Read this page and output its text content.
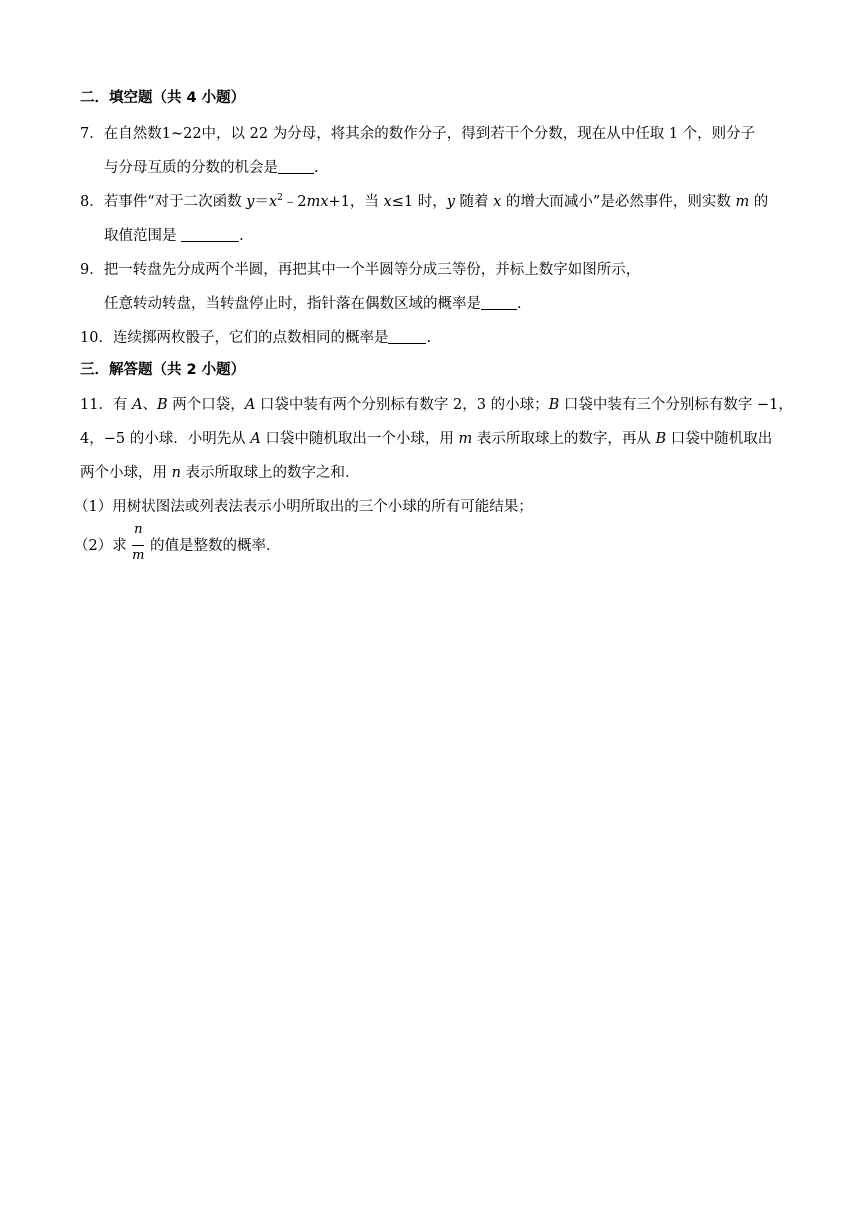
二．填空题（共 4 小题）
7．在自然数1~22中，以 22 为分母，将其余的数作分子，得到若干个分数，现在从中任取 1 个，则分子
与分母互质的分数的机会是 .
8．若事件“对于二次函数 $y=x^2﹣2mx+1$，当 x≤1 时，y 随着 x 的增大而减小”是必然事件，则实数 m 的
取值范围是	.
9．把一转盘先分成两个半圆，再把其中一个半圆等分成三等份，并标上数字如图所示，
任意转动转盘，当转盘停止时，指针落在偶数区域的概率是 .
10．连续掷两枚骰子，它们的点数相同的概率是	.
三．解答题（共 2 小题）
11．有 A、B 两个口袋，A 口袋中装有两个分别标有数字 2，3 的小球；B 口袋中装有三个分别标有数字 −1，
4，−5 的小球．小明先从 A 口袋中随机取出一个小球，用 m 表示所取球上的数字，再从 B 口袋中随机取出
两个小球，用 n 表示所取球上的数字之和．
（1）用树状图法或列表法表示小明所取出的三个小球的所有可能结果；
（2）求 $\frac{n}{m}$ 的值是整数的概率．
